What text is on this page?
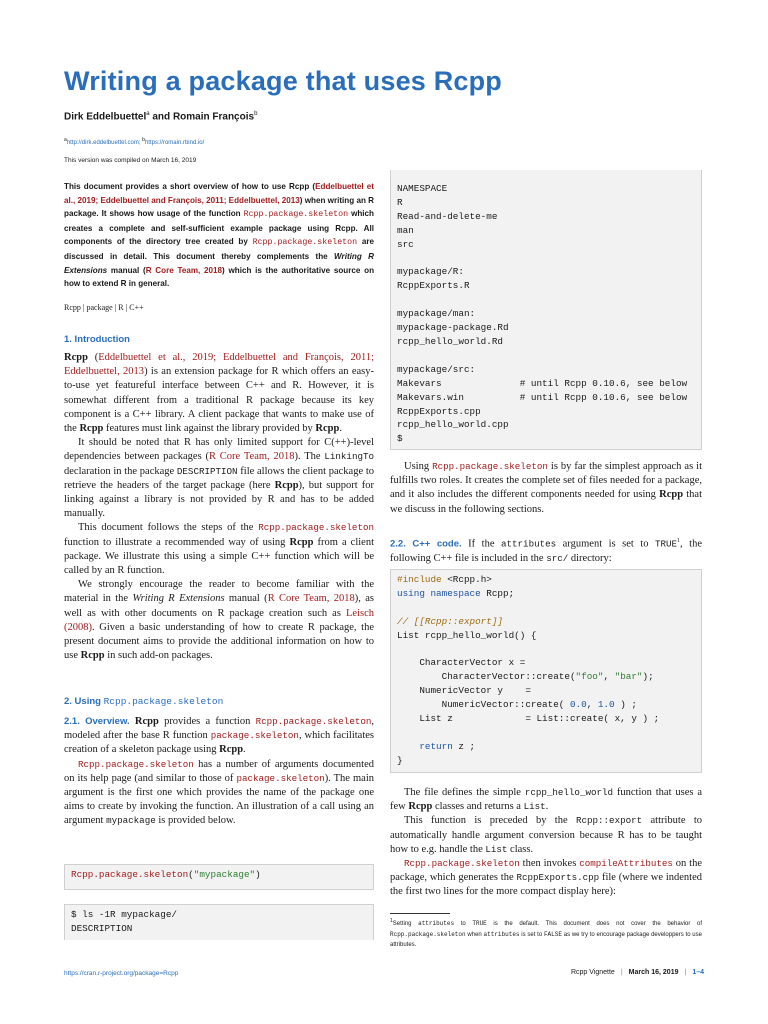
Writing a package that uses Rcpp
Dirk Eddelbuettel$^a$ and Romain François$^b$
$^a$http://dirk.eddelbuettel.com; $^b$https://romain.rbind.io/
This version was compiled on March 16, 2019
This document provides a short overview of how to use Rcpp (Eddelbuettel et al., 2019; Eddelbuettel and François, 2011; Eddelbuettel, 2013) when writing an R package. It shows how usage of the function Rcpp.package.skeleton which creates a complete and self-sufficient example package using Rcpp. All components of the directory tree created by Rcpp.package.skeleton are discussed in detail. This document thereby complements the Writing R Extensions manual (R Core Team, 2018) which is the authoritative source on how to extend R in general.
Rcpp | package | R | C++
1. Introduction

Rcpp (Eddelbuettel et al., 2019; Eddelbuettel and François, 2011; Eddelbuettel, 2013) is an extension package for R which offers an easy-to-use yet featureful interface between C++ and R. However, it is somewhat different from a traditional R package because its key component is a C++ library. A client package that wants to make use of the Rcpp features must link against the library provided by Rcpp.

It should be noted that R has only limited support for C(++)-level dependencies between packages (R Core Team, 2018). The LinkingTo declaration in the package DESCRIPTION file allows the client package to retrieve the headers of the target package (here Rcpp), but support for linking against a library is not provided by R and has to be added manually.

This document follows the steps of the Rcpp.package.skeleton function to illustrate a recommended way of using Rcpp from a client package. We illustrate this using a simple C++ function which will be called by an R function.

We strongly encourage the reader to become familiar with the material in the Writing R Extensions manual (R Core Team, 2018), as well as with other documents on R package creation such as Leisch (2008). Given a basic understanding of how to create R package, the present document aims to provide the additional information on how to use Rcpp in such add-on packages.

2. Using Rcpp.package.skeleton

2.1. Overview. Rcpp provides a function Rcpp.package.skeleton, modeled after the base R function package.skeleton, which facilitates creation of a skeleton package using Rcpp.

Rcpp.package.skeleton has a number of arguments documented on its help page (and similar to those of package.skeleton). The main argument is the first one which provides the name of the package one aims to create by invoking the function. An illustration of a call using an argument mypackage is provided below.

Rcpp.package.skeleton("mypackage")
$ ls -1R mypackage/
DESCRIPTION
NAMESPACE
R
Read-and-delete-me
man
src

mypackage/R:
RcppExports.R

mypackage/man:
mypackage-package.Rd
rcpp_hello_world.Rd

mypackage/src:
Makevars              # until Rcpp 0.10.6, see below
Makevars.win          # until Rcpp 0.10.6, see below
RcppExports.cpp
rcpp_hello_world.cpp
$

Using Rcpp.package.skeleton is by far the simplest approach as it fulfills two roles. It creates the complete set of files needed for a package, and it also includes the different components needed for using Rcpp that we discuss in the following sections.

2.2. C++ code. If the attributes argument is set to TRUE$^1$, the following C++ file is included in the src/ directory:

#include <Rcpp.h>
using namespace Rcpp;

// [[Rcpp::export]]
List rcpp_hello_world() {

CharacterVector x =
CharacterVector::create("foo", "bar");
NumericVector y    =
NumericVector::create( 0.0, 1.0 ) ;
List z             = List::create( x, y ) ;

return z ;
}

The file defines the simple rcpp_hello_world function that uses a few Rcpp classes and returns a List.

This function is preceded by the Rcpp::export attribute to automatically handle argument conversion because R has to be taught how to e.g. handle the List class.

Rcpp.package.skeleton then invokes compileAttributes on the package, which generates the RcppExports.cpp file (where we indented the first two lines for the more compact display here):

$^1$Setting attributes to TRUE is the default. This document does not cover the behavior of Rcpp.package.skeleton when attributes is set to FALSE as we try to encourage package developpers to use attributes.
https://cran.r-project.org/package=Rcpp	Rcpp Vignette | March 16, 2019 | 1–4
